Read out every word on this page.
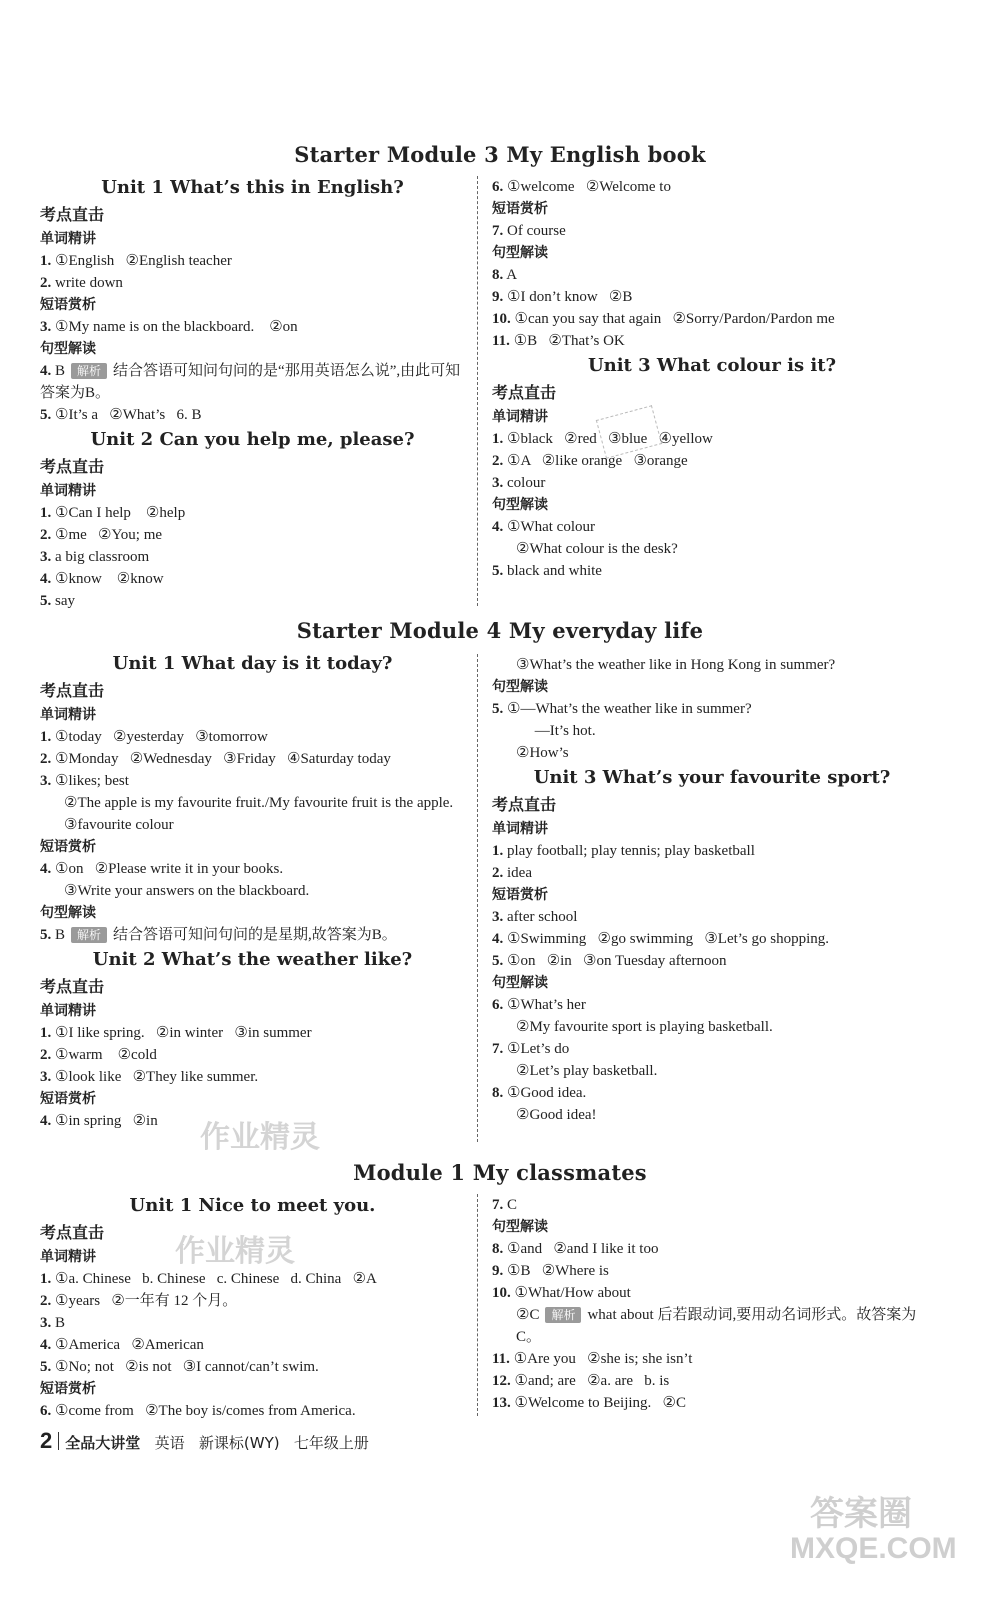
Starter Module 3 My English book
Unit 1 What’s this in English?
考点直击
单词精讲
1. ①English   ②English teacher
2. write down
短语赏析
3. ①My name is on the blackboard.    ②on
句型解读
4. B 解析 结合答语可知问句问的是“那用英语怎么说”,由此可知答案为B。
5. ①It’s a   ②What’s   6. B
Unit 2 Can you help me, please?
考点直击
单词精讲
1. ①Can I help    ②help
2. ①me   ②You; me
3. a big classroom
4. ①know    ②know
5. say
6. ①welcome   ②Welcome to
短语赏析
7. Of course
句型解读
8. A
9. ①I don’t know   ②B
10. ①can you say that again   ②Sorry/Pardon/Pardon me
11. ①B   ②That’s OK
Unit 3 What colour is it?
考点直击
单词精讲
1. ①black   ②red   ③blue   ④yellow
2. ①A   ②like orange   ③orange
3. colour
句型解读
4. ①What colour
②What colour is the desk?
5. black and white
Starter Module 4 My everyday life
Unit 1 What day is it today?
考点直击
单词精讲
1. ①today   ②yesterday   ③tomorrow
2. ①Monday   ②Wednesday   ③Friday   ④Saturday today
3. ①likes; best
②The apple is my favourite fruit./My favourite fruit is the apple.
③favourite colour
短语赏析
4. ①on   ②Please write it in your books.
③Write your answers on the blackboard.
句型解读
5. B 解析 结合答语可知问句问的是星期,故答案为B。
Unit 2 What’s the weather like?
考点直击
单词精讲
1. ①I like spring.   ②in winter   ③in summer
2. ①warm    ②cold
3. ①look like   ②They like summer.
短语赏析
4. ①in spring   ②in
③What’s the weather like in Hong Kong in summer?
句型解读
5. ①—What’s the weather like in summer?
—It’s hot.
②How’s
Unit 3 What’s your favourite sport?
考点直击
单词精讲
1. play football; play tennis; play basketball
2. idea
短语赏析
3. after school
4. ①Swimming   ②go swimming   ③Let’s go shopping.
5. ①on   ②in   ③on Tuesday afternoon
句型解读
6. ①What’s her
②My favourite sport is playing basketball.
7. ①Let’s do
②Let’s play basketball.
8. ①Good idea.
②Good idea!
Module 1 My classmates
Unit 1 Nice to meet you.
考点直击
单词精讲
1. ①a. Chinese   b. Chinese   c. Chinese   d. China   ②A
2. ①years   ②一年有 12 个月。
3. B
4. ①America   ②American
5. ①No; not   ②is not   ③I cannot/can’t swim.
短语赏析
6. ①come from   ②The boy is/comes from America.
7. C
句型解读
8. ①and   ②and I like it too
9. ①B   ②Where is
10. ①What/How about
②C 解析 what about 后若跟动词,要用动名词形式。故答案为 C。
11. ①Are you   ②she is; she isn’t
12. ①and; are   ②a. are   b. is
13. ①Welcome to Beijing.   ②C
2 全品大讲堂 英语 新课标(WY) 七年级上册
作业精灵
作业精灵
答案圈
MXQE.COM
